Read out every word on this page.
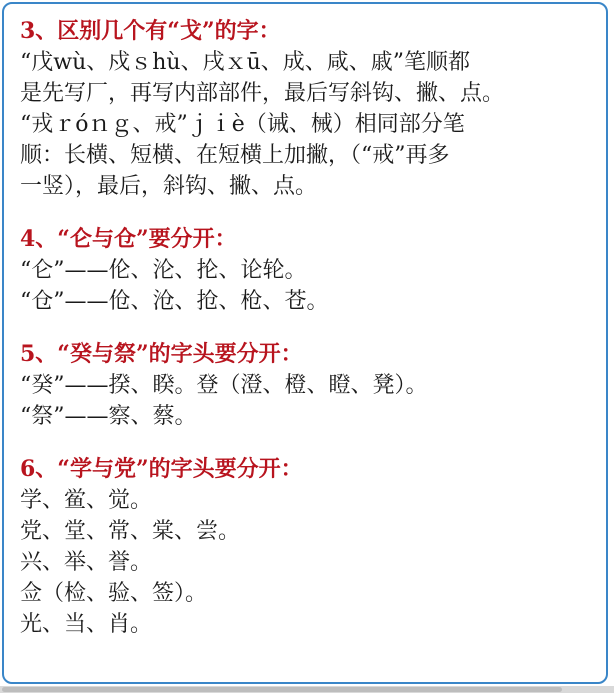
3、区别几个有“戈”的字：
“戊wù、戍ｓhù、戌ｘū、成、咸、戚”笔顺都
是先写厂，再写内部部件，最后写斜钩、撇、点。
“戎ｒóｎｇ、戒”ｊｉè（诫、械）相同部分笔
顺：长横、短横、在短横上加撇，（“戒”再多
一竖），最后，斜钩、撇、点。
4、“仑与仓”要分开：
“仑”——伦、沦、抡、论轮。
“仓”——伧、沧、抢、枪、苍。
5、“癸与祭”的字头要分开：
“癸”——揆、睽。登（澄、橙、瞪、凳）。
“祭”——察、蔡。
6、“学与党”的字头要分开：
学、鲎、觉。
党、堂、常、棠、尝。
兴、举、誉。
佥（检、验、签）。
光、当、肖。
